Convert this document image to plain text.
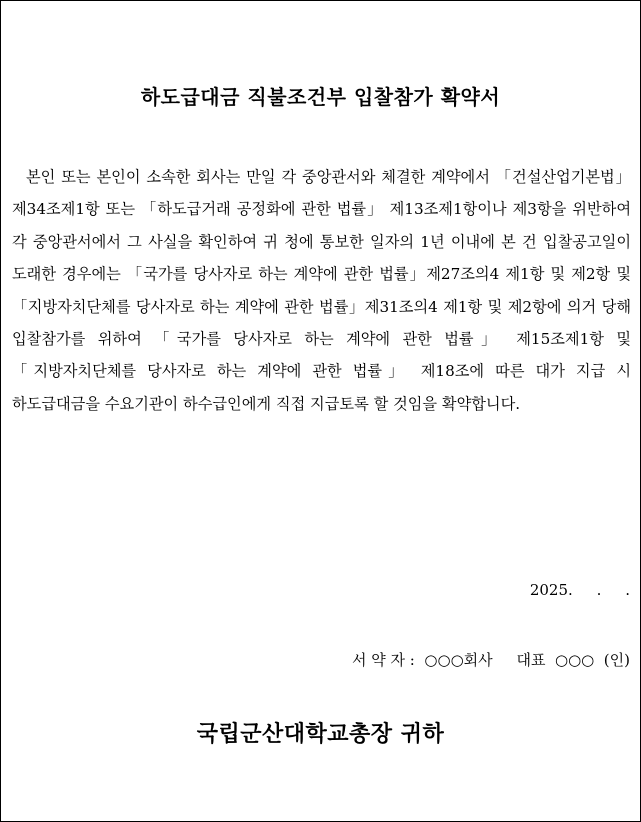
하도급대금 직불조건부 입찰참가 확약서
본인 또는 본인이 소속한 회사는 만일 각 중앙관서와 체결한 계약에서 「건설산업기본법」제34조제1항 또는 「하도급거래 공정화에 관한 법률」 제13조제1항이나 제3항을 위반하여 각 중앙관서에서 그 사실을 확인하여 귀 청에 통보한 일자의 1년 이내에 본 건 입찰공고일이 도래한 경우에는 「국가를 당사자로 하는 계약에 관한 법률」제27조의4 제1항 및 제2항 및 「지방자치단체를 당사자로 하는 계약에 관한 법률」제31조의4 제1항 및 제2항에 의거 당해 입찰참가를 위하여 「국가를 당사자로 하는 계약에 관한 법률」 제15조제1항 및 「지방자치단체를 당사자로 하는 계약에 관한 법률」 제18조에 따른 대가 지급 시 하도급대금을 수요기관이 하수급인에게 직접 지급토록 할 것임을 확약합니다.
2025.     .     .
서 약 자 :  ○○○회사     대표  ○○○  (인)
국립군산대학교총장 귀하
